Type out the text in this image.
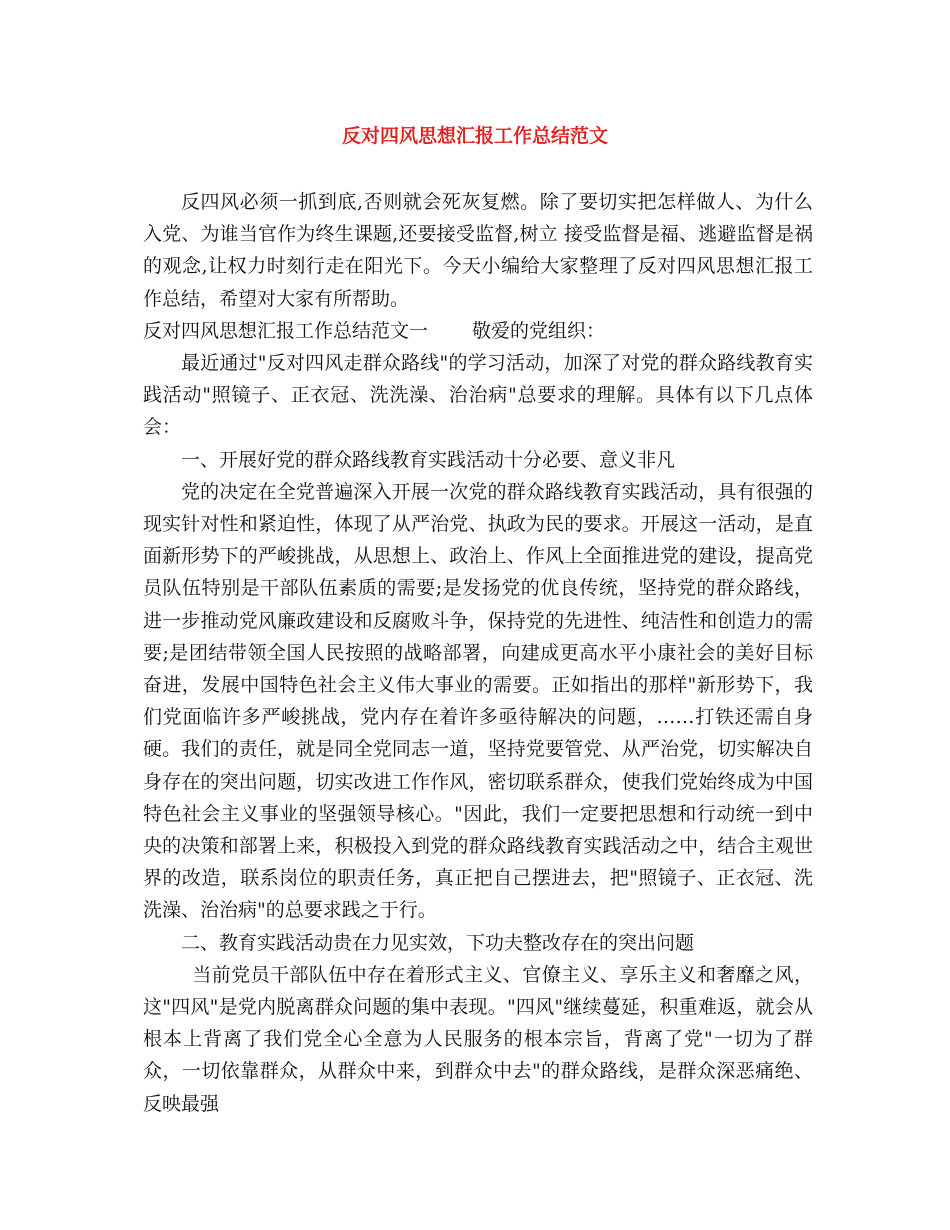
反对四风思想汇报工作总结范文

反四风必须一抓到底,否则就会死灰复燃。除了要切实把怎样做人、为什么入党、为谁当官作为终生课题,还要接受监督,树立 接受监督是福、逃避监督是祸 的观念,让权力时刻行走在阳光下。今天小编给大家整理了反对四风思想汇报工作总结，希望对大家有所帮助。

反对四风思想汇报工作总结范文一 敬爱的党组织：

最近通过"反对四风走群众路线"的学习活动，加深了对党的群众路线教育实践活动"照镜子、正衣冠、洗洗澡、治治病"总要求的理解。具体有以下几点体会：

一、开展好党的群众路线教育实践活动十分必要、意义非凡

党的决定在全党普遍深入开展一次党的群众路线教育实践活动，具有很强的现实针对性和紧迫性，体现了从严治党、执政为民的要求。开展这一活动，是直面新形势下的严峻挑战，从思想上、政治上、作风上全面推进党的建设，提高党员队伍特别是干部队伍素质的需要;是发扬党的优良传统，坚持党的群众路线，进一步推动党风廉政建设和反腐败斗争，保持党的先进性、纯洁性和创造力的需要;是团结带领全国人民按照的战略部署，向建成更高水平小康社会的美好目标奋进，发展中国特色社会主义伟大事业的需要。正如指出的那样"新形势下，我们党面临许多严峻挑战，党内存在着许多亟待解决的问题，……打铁还需自身硬。我们的责任，就是同全党同志一道，坚持党要管党、从严治党，切实解决自身存在的突出问题，切实改进工作作风，密切联系群众，使我们党始终成为中国特色社会主义事业的坚强领导核心。"因此，我们一定要把思想和行动统一到中央的决策和部署上来，积极投入到党的群众路线教育实践活动之中，结合主观世界的改造，联系岗位的职责任务，真正把自己摆进去，把"照镜子、正衣冠、洗洗澡、治治病"的总要求践之于行。

二、教育实践活动贵在力见实效，下功夫整改存在的突出问题

当前党员干部队伍中存在着形式主义、官僚主义、享乐主义和奢靡之风，这"四风"是党内脱离群众问题的集中表现。"四风"继续蔓延，积重难返，就会从根本上背离了我们党全心全意为人民服务的根本宗旨，背离了党"一切为了群众，一切依靠群众，从群众中来，到群众中去"的群众路线，是群众深恶痛绝、反映最强
